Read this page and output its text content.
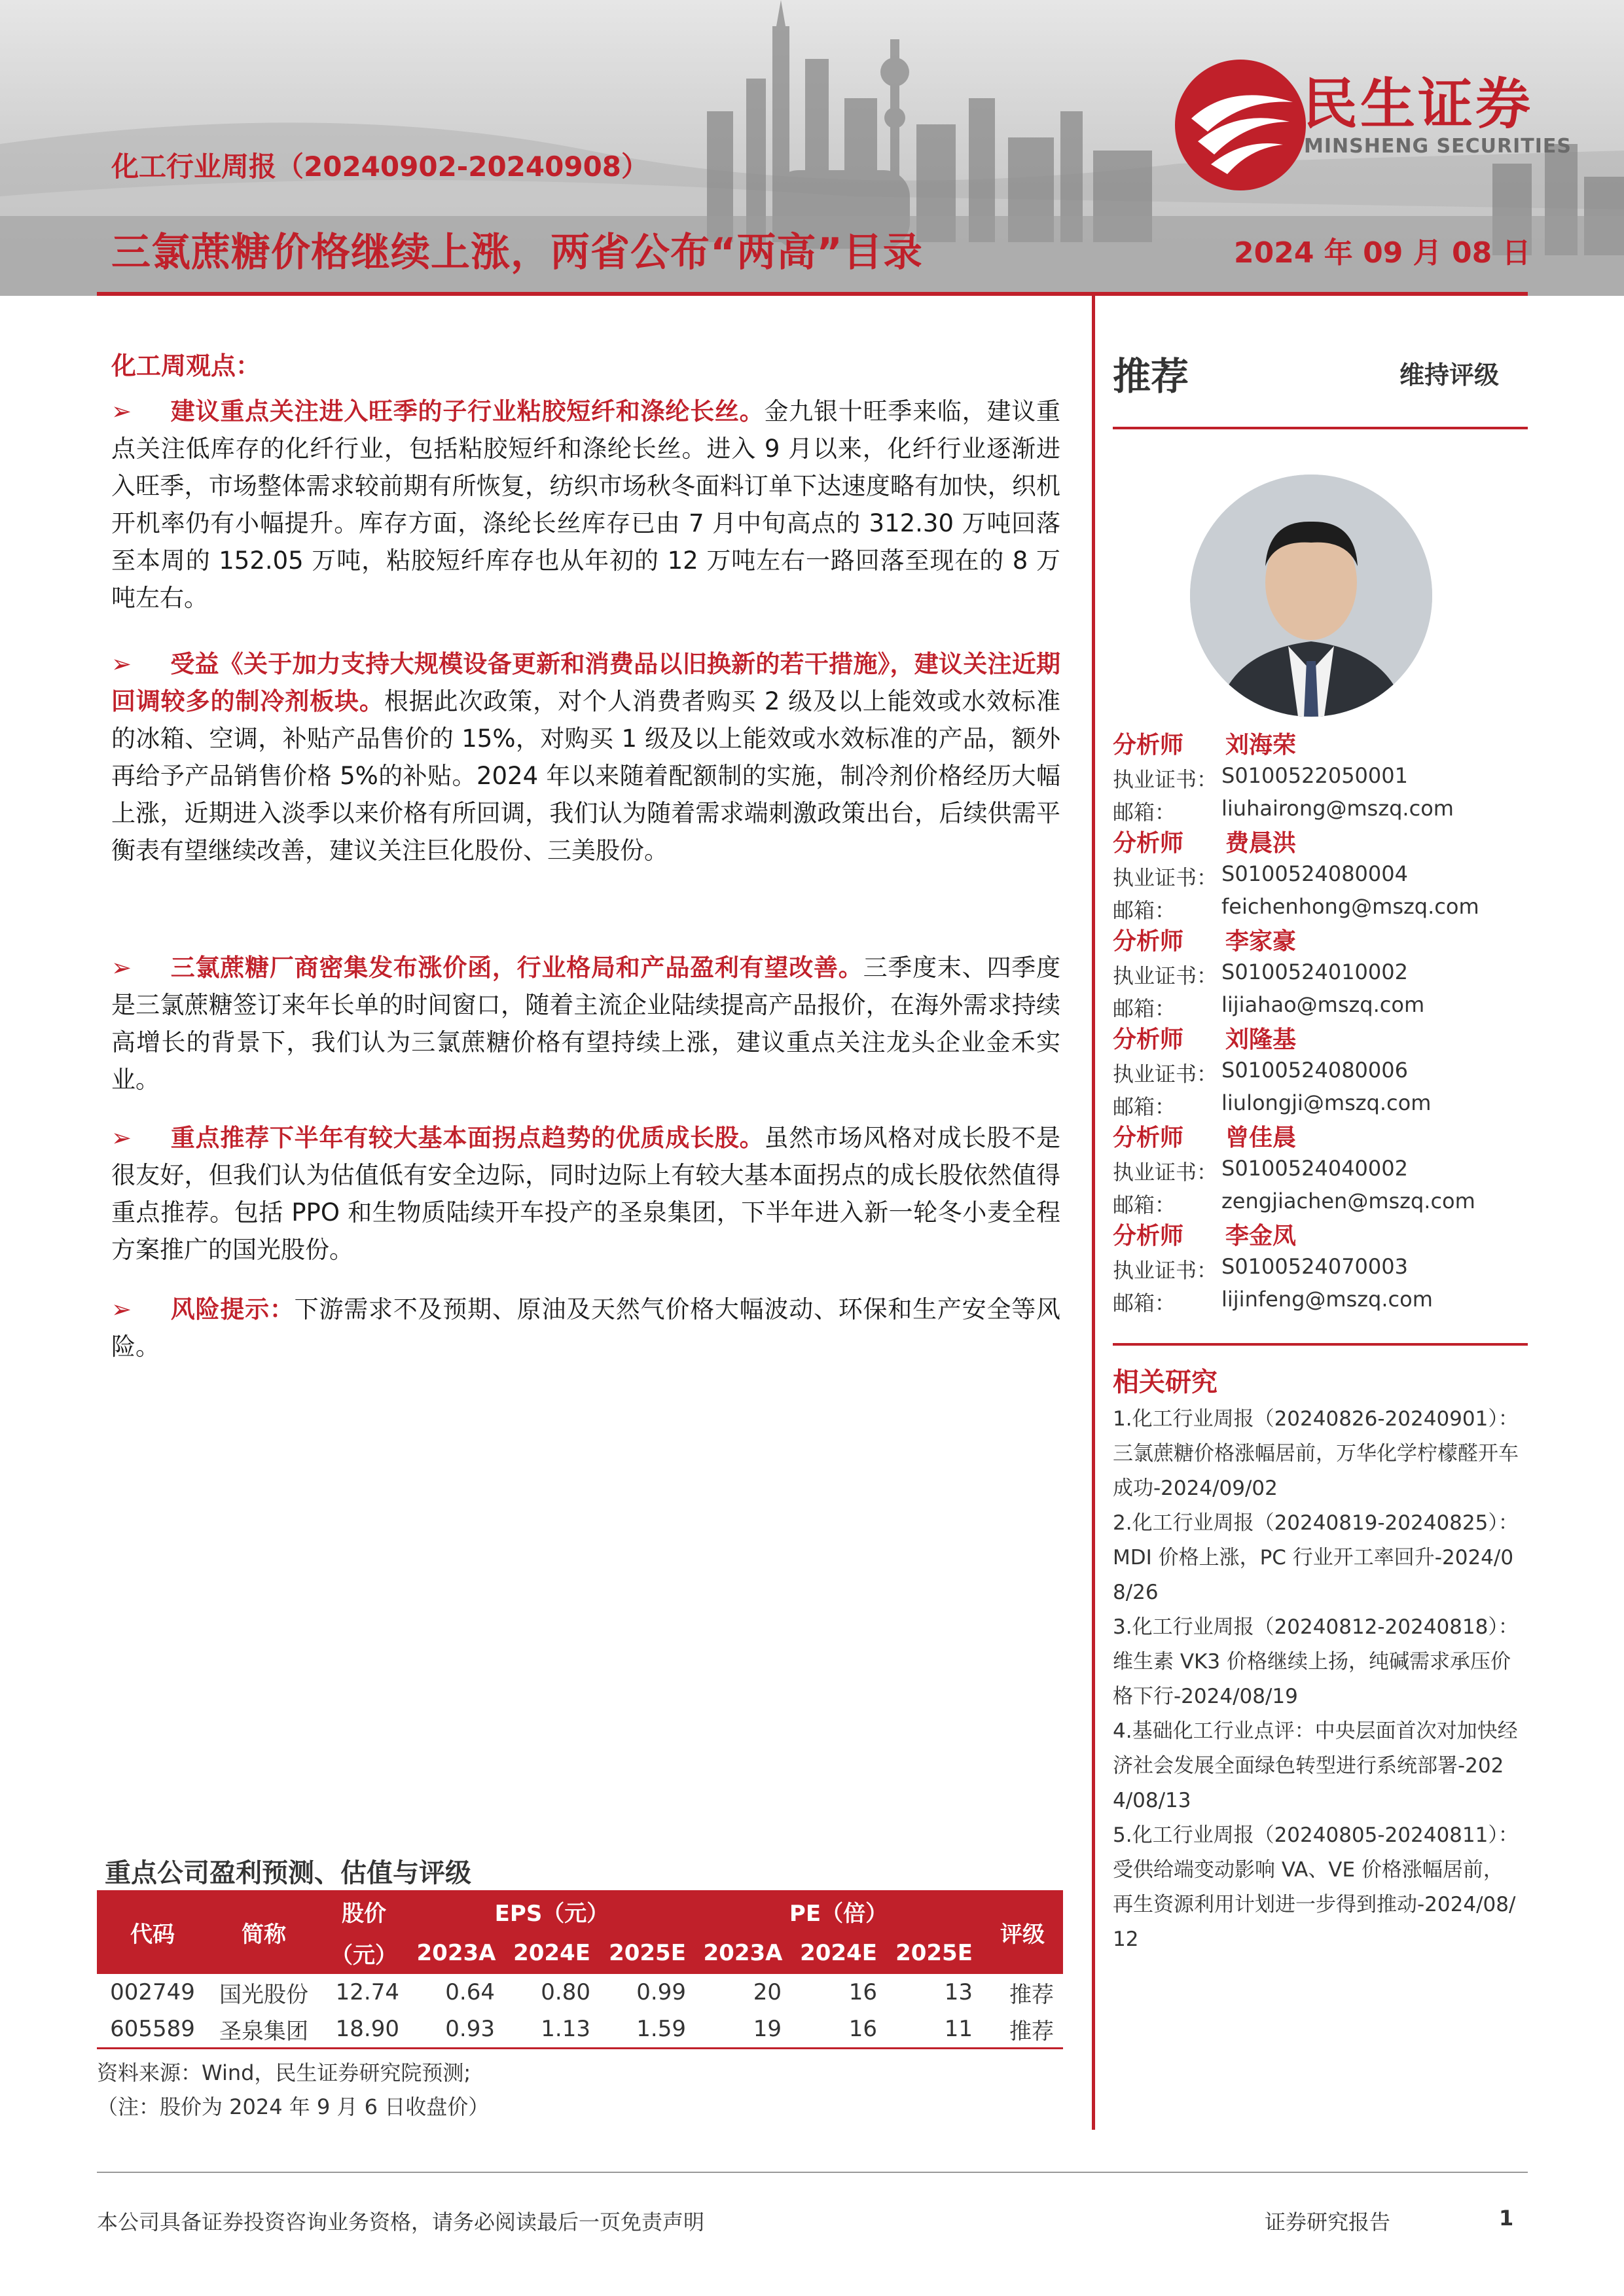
民生证券
MINSHENG SECURITIES
化工行业周报（20240902-20240908）
三氯蔗糖价格继续上涨，两省公布“两高”目录	2024 年 09 月 08 日
化工周观点：
➢ 建议重点关注进入旺季的子行业粘胶短纤和涤纶长丝。金九银十旺季来临，建议重点关注低库存的化纤行业，包括粘胶短纤和涤纶长丝。进入 9 月以来，化纤行业逐渐进入旺季，市场整体需求较前期有所恢复，纺织市场秋冬面料订单下达速度略有加快，织机开机率仍有小幅提升。库存方面，涤纶长丝库存已由 7 月中旬高点的 312.30 万吨回落至本周的 152.05 万吨，粘胶短纤库存也从年初的 12 万吨左右一路回落至现在的 8 万吨左右。
➢ 受益《关于加力支持大规模设备更新和消费品以旧换新的若干措施》，建议关注近期回调较多的制冷剂板块。根据此次政策，对个人消费者购买 2 级及以上能效或水效标准的冰箱、空调，补贴产品售价的 15%，对购买 1 级及以上能效或水效标准的产品，额外再给予产品销售价格 5%的补贴。2024 年以来随着配额制的实施，制冷剂价格经历大幅上涨，近期进入淡季以来价格有所回调，我们认为随着需求端刺激政策出台，后续供需平衡表有望继续改善，建议关注巨化股份、三美股份。
➢ 三氯蔗糖厂商密集发布涨价函，行业格局和产品盈利有望改善。三季度末、四季度是三氯蔗糖签订来年长单的时间窗口，随着主流企业陆续提高产品报价，在海外需求持续高增长的背景下，我们认为三氯蔗糖价格有望持续上涨，建议重点关注龙头企业金禾实业。
➢ 重点推荐下半年有较大基本面拐点趋势的优质成长股。虽然市场风格对成长股不是很友好，但我们认为估值低有安全边际，同时边际上有较大基本面拐点的成长股依然值得重点推荐。包括 PPO 和生物质陆续开车投产的圣泉集团，下半年进入新一轮冬小麦全程方案推广的国光股份。
➢ 风险提示：下游需求不及预期、原油及天然气价格大幅波动、环保和生产安全等风险。
推荐	维持评级
分析师 刘海荣
执业证书： S0100522050001
邮箱： liuhairong@mszq.com
分析师 费晨洪
执业证书： S0100524080004
邮箱： feichenhong@mszq.com
分析师 李家豪
执业证书： S0100524010002
邮箱： lijiahao@mszq.com
分析师 刘隆基
执业证书： S0100524080006
邮箱： liulongji@mszq.com
分析师 曾佳晨
执业证书： S0100524040002
邮箱： zengjiachen@mszq.com
分析师 李金凤
执业证书： S0100524070003
邮箱： lijinfeng@mszq.com
相关研究
1.化工行业周报（20240826-20240901）：三氯蔗糖价格涨幅居前，万华化学柠檬醛开车成功-2024/09/02
2.化工行业周报（20240819-20240825）：MDI 价格上涨，PC 行业开工率回升-2024/08/26
3.化工行业周报（20240812-20240818）：维生素 VK3 价格继续上扬，纯碱需求承压价格下行-2024/08/19
4.基础化工行业点评：中央层面首次对加快经济社会发展全面绿色转型进行系统部署-2024/08/13
5.化工行业周报（20240805-20240811）：受供给端变动影响 VA、VE 价格涨幅居前，再生资源利用计划进一步得到推动-2024/08/12
重点公司盈利预测、估值与评级
代码	简称	股价	EPS（元）			PE（倍）			评级
		（元）	2023A	2024E	2025E	2023A	2024E	2025E	
002749	国光股份	12.74	0.64	0.80	0.99	20	16	13	推荐
605589	圣泉集团	18.90	0.93	1.13	1.59	19	16	11	推荐
资料来源：Wind，民生证券研究院预测;
（注：股价为 2024 年 9 月 6 日收盘价）
本公司具备证券投资咨询业务资格，请务必阅读最后一页免责声明	证券研究报告	1
